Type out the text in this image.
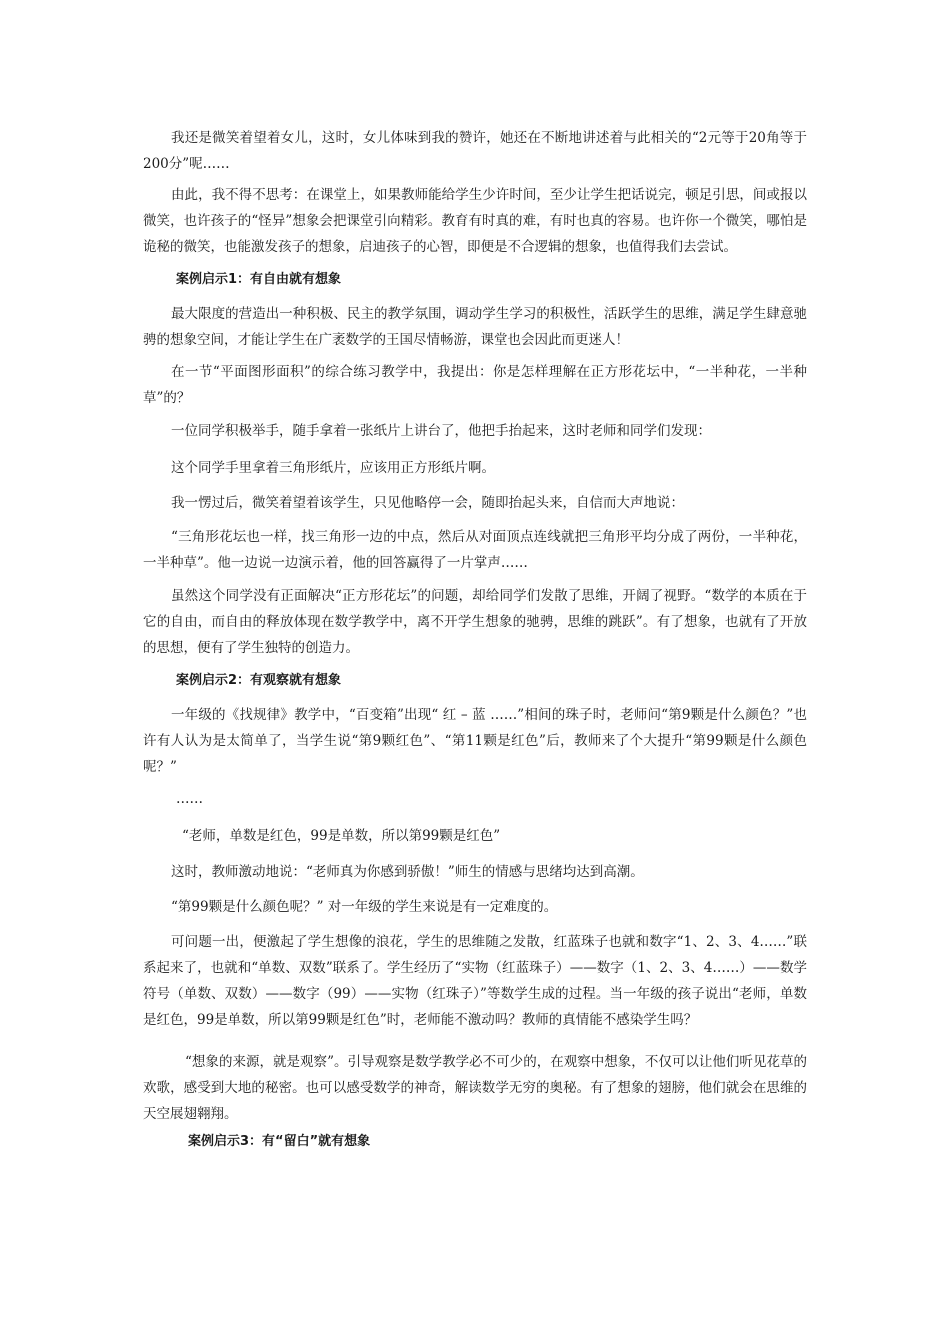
我还是微笑着望着女儿，这时，女儿体味到我的赞许，她还在不断地讲述着与此相关的“2元等于20角等于200分”呢……

由此，我不得不思考：在课堂上，如果教师能给学生少许时间，至少让学生把话说完，顿足引思，间或报以微笑，也许孩子的“怪异”想象会把课堂引向精彩。教育有时真的难，有时也真的容易。也许你一个微笑，哪怕是诡秘的微笑，也能激发孩子的想象，启迪孩子的心智，即便是不合逻辑的想象，也值得我们去尝试。

案例启示1：有自由就有想象

最大限度的营造出一种积极、民主的教学氛围，调动学生学习的积极性，活跃学生的思维，满足学生肆意驰骋的想象空间，才能让学生在广袤数学的王国尽情畅游，课堂也会因此而更迷人！

在一节“平面图形面积”的综合练习教学中，我提出：你是怎样理解在正方形花坛中，“一半种花，一半种草”的？

一位同学积极举手，随手拿着一张纸片上讲台了，他把手抬起来，这时老师和同学们发现：

这个同学手里拿着三角形纸片，应该用正方形纸片啊。

我一愣过后，微笑着望着该学生，只见他略停一会，随即抬起头来，自信而大声地说：

“三角形花坛也一样，找三角形一边的中点，然后从对面顶点连线就把三角形平均分成了两份，一半种花，一半种草”。他一边说一边演示着，他的回答赢得了一片掌声……

虽然这个同学没有正面解决“正方形花坛”的问题，却给同学们发散了思维，开阔了视野。“数学的本质在于它的自由，而自由的释放体现在数学教学中，离不开学生想象的驰骋，思维的跳跃”。有了想象，也就有了开放的思想，便有了学生独特的创造力。

案例启示2：有观察就有想象

一年级的《找规律》教学中，“百变箱”出现“ 红 – 蓝 ……”相间的珠子时，老师问“第9颗是什么颜色？”也许有人认为是太简单了，当学生说“第9颗红色”、“第11颗是红色”后，教师来了个大提升“第99颗是什么颜色呢？”

……

“老师，单数是红色，99是单数，所以第99颗是红色”

这时，教师激动地说：“老师真为你感到骄傲！”师生的情感与思绪均达到高潮。

“第99颗是什么颜色呢？” 对一年级的学生来说是有一定难度的。

可问题一出，便激起了学生想像的浪花，学生的思维随之发散，红蓝珠子也就和数字“1、2、3、4……”联系起来了，也就和“单数、双数”联系了。学生经历了“实物（红蓝珠子）——数字（1、2、3、4……）——数学符号（单数、双数）——数字（99）——实物（红珠子）”等数学生成的过程。当一年级的孩子说出“老师，单数是红色，99是单数，所以第99颗是红色”时，老师能不激动吗？教师的真情能不感染学生吗？

“想象的来源，就是观察”。引导观察是数学教学必不可少的，在观察中想象，不仅可以让他们听见花草的欢歌，感受到大地的秘密。也可以感受数学的神奇，解读数学无穷的奥秘。有了想象的翅膀，他们就会在思维的天空展翅翱翔。

案例启示3：有“留白”就有想象
